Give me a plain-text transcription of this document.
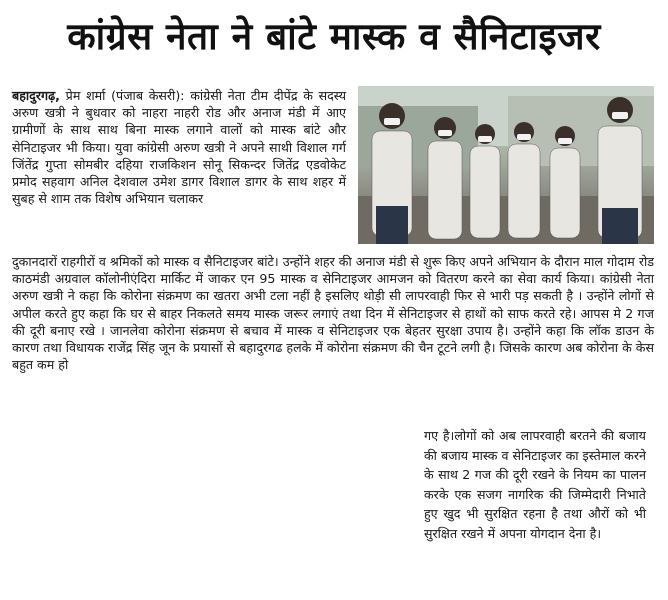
कांग्रेस नेता ने बांटे मास्क व सैनिटाइजर
बहादुरगढ़, प्रेम शर्मा (पंजाब केसरी): कांग्रेसी नेता टीम दीपेंद्र के सदस्य अरुण खत्री ने बुधवार को नाहरा नाहरी रोड और अनाज मंडी में आए ग्रामीणों के साथ साथ बिना मास्क लगाने वालों को मास्क बांटे और सेनिटाइजर भी किया। युवा कांग्रेसी अरुण खत्री ने अपने साथी विशाल गर्ग जिंतेंद्र गुप्ता सोमबीर दहिया राजकिशन सोनू सिकन्दर जितेंद्र एडवोकेट प्रमोद सहवाग अनिल देशवाल उमेश डागर विशाल डागर के साथ शहर में सुबह से शाम तक विशेष अभियान चलाकर
दुकानदारों राहगीरों व श्रमिकों को मास्क व सैनिटाइजर बांटे। उन्होंने शहर की अनाज मंडी से शुरू किए अपने अभियान के दौरान माल गोदाम रोड काठमंडी अग्रवाल कॉलोनीएंदिरा मार्किट में जाकर एन 95 मास्क व सेनिटाइजर आमजन को वितरण करने का सेवा कार्य किया। कांग्रेसी नेता अरुण खत्री ने कहा कि कोरोना संक्रमण का खतरा अभी टला नहीं है इसलिए थोड़ी सी लापरवाही फिर से भारी पड़ सकती है । उन्होंने लोगों से अपील करते हुए कहा कि घर से बाहर निकलते समय मास्क जरूर लगाएं तथा दिन में सेनिटाइजर से हाथों को साफ करते रहे। आपस मे 2 गज की दूरी बनाए रखे । जानलेवा कोरोना संक्रमण से बचाव में मास्क व सेनिटाइजर एक बेहतर सुरक्षा उपाय है। उन्होंने कहा कि लॉक डाउन के कारण तथा विधायक राजेंद्र सिंह जून के प्रयासों से बहादुरगढ हलके में कोरोना संक्रमण की चैन टूटने लगी है। जिसके कारण अब कोरोना के केस बहुत कम हो
गए है।लोगों को अब लापरवाही बरतने की बजाय की बजाय मास्क व सेनिटाइजर का इस्तेमाल करने के साथ 2 गज की दूरी रखने के नियम का पालन करके एक सजग नागरिक की जिम्मेदारी निभाते हुए खुद भी सुरक्षित रहना है तथा औरों को भी सुरक्षित रखने में अपना योगदान देना है।
